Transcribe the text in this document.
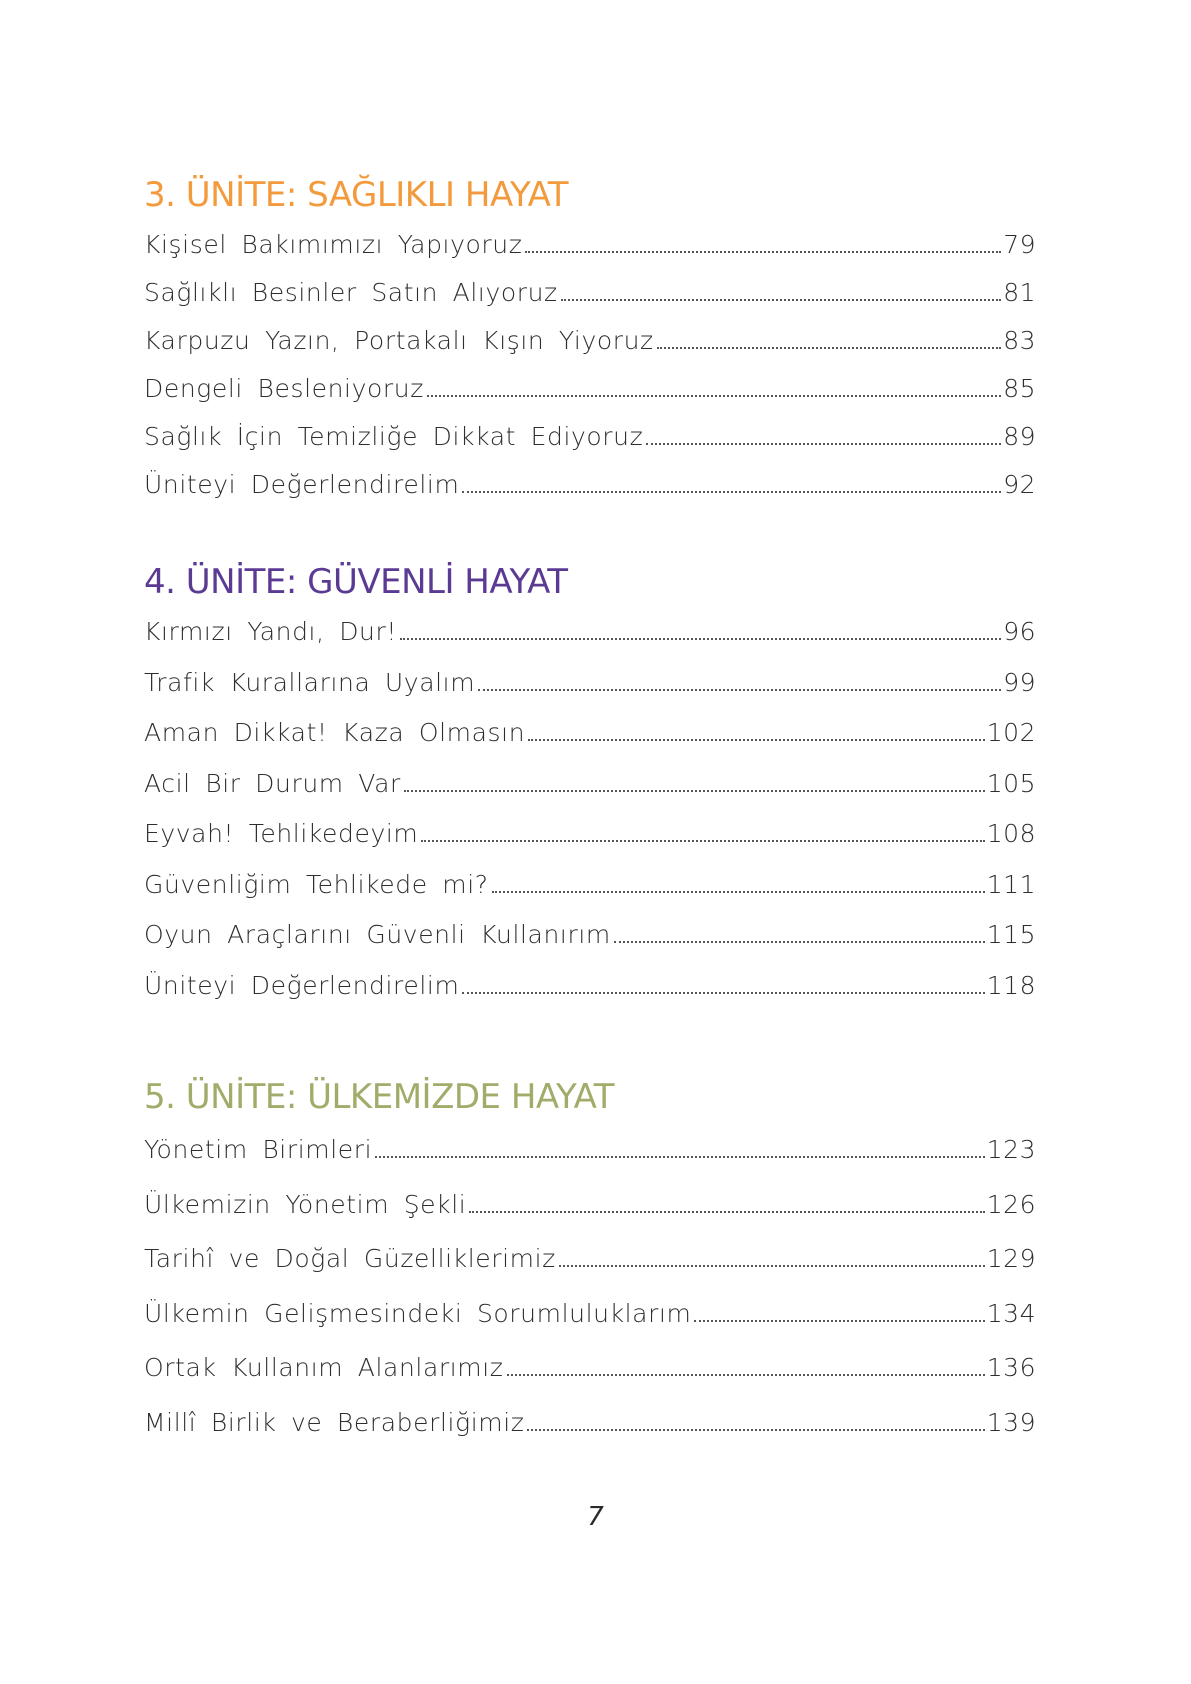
3. ÜNİTE: SAĞLIKLI HAYAT
Kişisel Bakımımızı Yapıyoruz	79
Sağlıklı Besinler Satın Alıyoruz	81
Karpuzu Yazın, Portakalı Kışın Yiyoruz	83
Dengeli Besleniyoruz	85
Sağlık İçin Temizliğe Dikkat Ediyoruz	89
Üniteyi Değerlendirelim	92
4. ÜNİTE: GÜVENLİ HAYAT
Kırmızı Yandı, Dur!	96
Trafik Kurallarına Uyalım	99
Aman Dikkat! Kaza Olmasın	102
Acil Bir Durum Var	105
Eyvah! Tehlikedeyim	108
Güvenliğim Tehlikede mi?	111
Oyun Araçlarını Güvenli Kullanırım	115
Üniteyi Değerlendirelim	118
5. ÜNİTE: ÜLKEMİZDE HAYAT
Yönetim Birimleri	123
Ülkemizin Yönetim Şekli	126
Tarihî ve Doğal Güzelliklerimiz	129
Ülkemin Gelişmesindeki Sorumluluklarım	134
Ortak Kullanım Alanlarımız	136
Millî Birlik ve Beraberliğimiz	139
7
